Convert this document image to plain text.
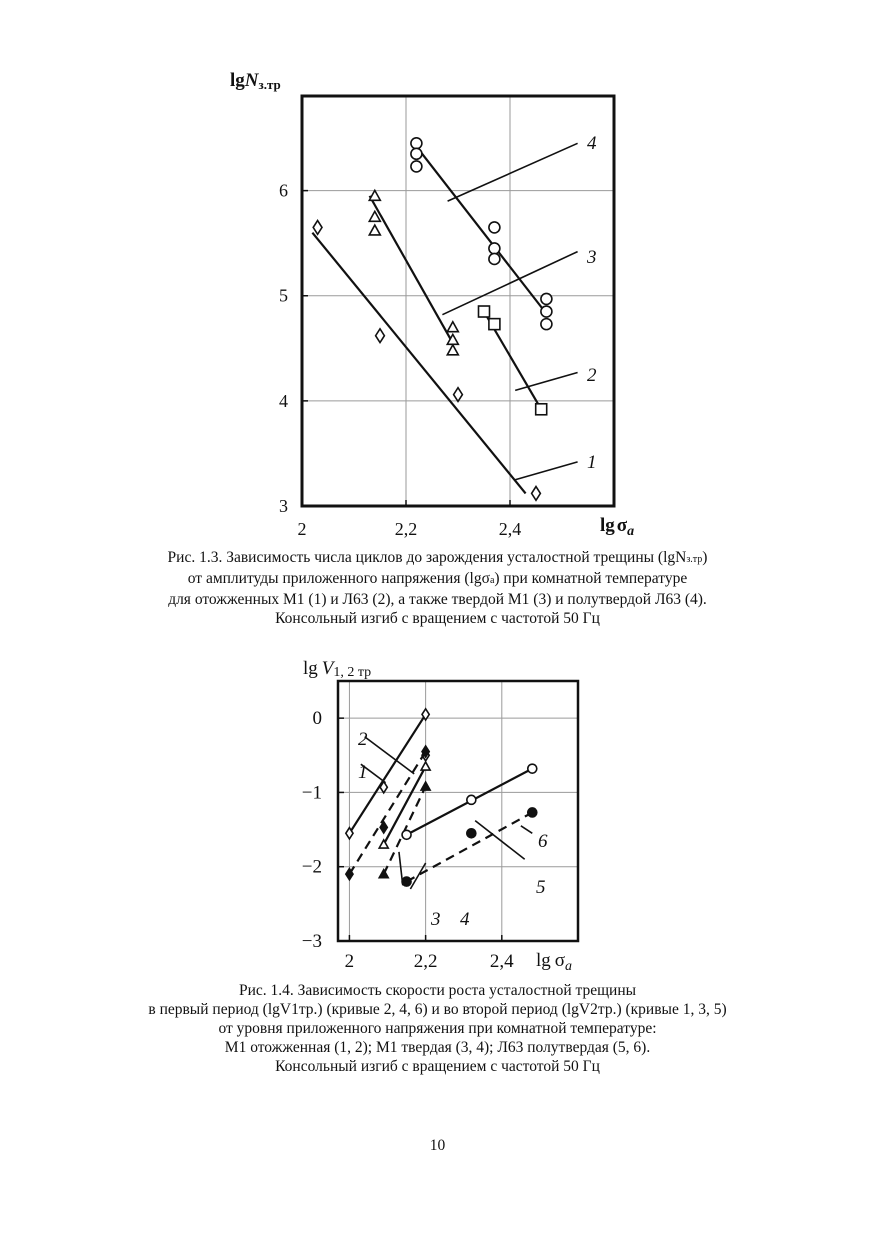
lgNз.тр
$\lg \sigma_a$
2	2,2	2,4
3
4
5
6
1
2
3
4
Рис. 1.3. Зависимость числа циклов до зарождения усталостной трещины (lgNз.тр)
от амплитуды приложенного напряжения (lgσa) при комнатной температуре
для отожженных М1 (1) и Л63 (2), а также твердой М1 (3) и полутвердой Л63 (4).
Консольный изгиб с вращением с частотой 50 Гц
lg V1, 2 тр
$\lg \sigma_a$
2	2,2	2,4
0
−1
−2
−3
1
2
3 4
5
6
Рис. 1.4. Зависимость скорости роста усталостной трещины
в первый период (lgV1тр.) (кривые 2, 4, 6) и во второй период (lgV2тр.) (кривые 1, 3, 5)
от уровня приложенного напряжения при комнатной температуре:
М1 отожженная (1, 2); М1 твердая (3, 4); Л63 полутвердая (5, 6).
Консольный изгиб с вращением с частотой 50 Гц
10
